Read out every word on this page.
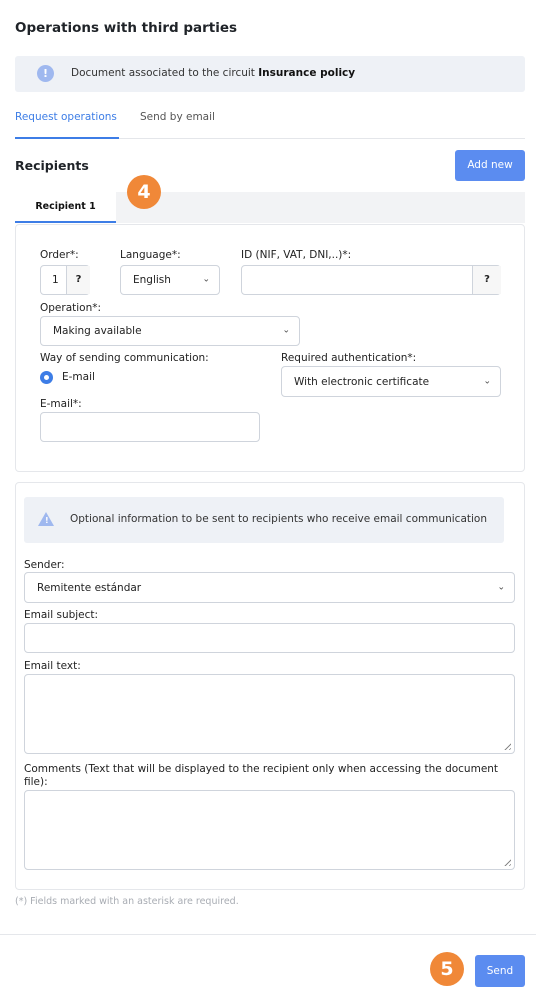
Operations with third parties
!	Document associated to the circuit Insurance policy
Request operations Send by email
Recipients	Add new
Recipient 1
4
Order*:
1	?
Language*:
English	⌄
ID (NIF, VAT, DNI,..)*:
?
Operation*:
Making available	⌄
Way of sending communication:
E-mail
Required authentication*:
With electronic certificate	⌄
E-mail*:
! Optional information to be sent to recipients who receive email communication
Sender:
Remitente estándar	⌄
Email subject:
Email text:
Comments (Text that will be displayed to the recipient only when accessing the document
file):
(*) Fields marked with an asterisk are required.
5	Send
